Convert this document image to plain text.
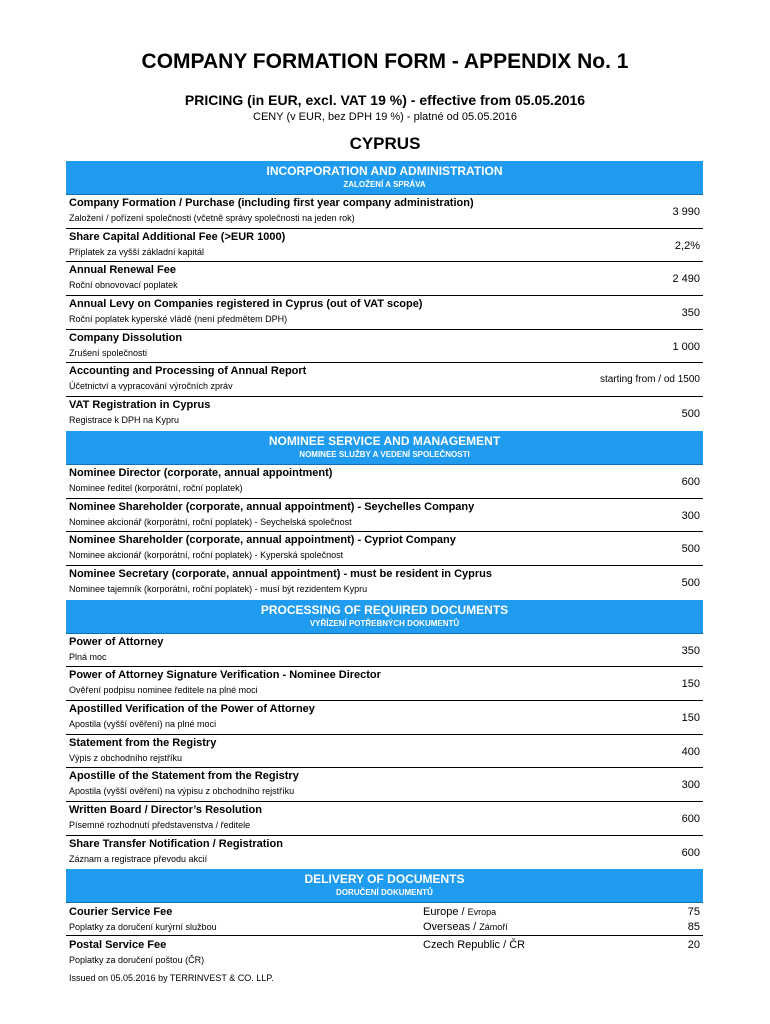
COMPANY FORMATION FORM - APPENDIX No. 1
PRICING (in EUR, excl. VAT 19 %) - effective from 05.05.2016
CENY (v EUR, bez DPH 19 %) - platné od 05.05.2016
CYPRUS
INCORPORATION AND ADMINISTRATION
ZALOŽENÍ A SPRÁVA
Company Formation / Purchase (including first year company administration)
Založení / pořízení společnosti (včetně správy společnosti na jeden rok)	3 990
Share Capital Additional Fee (>EUR 1000)
Příplatek za vyšší základní kapitál	2,2%
Annual Renewal Fee
Roční obnovovací poplatek	2 490
Annual Levy on Companies registered in Cyprus (out of VAT scope)
Roční poplatek kyperské vládě (není předmětem DPH)	350
Company Dissolution
Zrušení společnosti	1 000
Accounting and Processing of Annual Report
Účetnictví a vypracování výročních zpráv
starting from / od 1500
VAT Registration in Cyprus
Registrace k DPH na Kypru	500
NOMINEE SERVICE AND MANAGEMENT
NOMINEE SLUŽBY A VEDENÍ SPOLEČNOSTI
Nominee Director (corporate, annual appointment)
Nominee ředitel (korporátní, roční poplatek)	600
Nominee Shareholder (corporate, annual appointment) - Seychelles Company
Nominee akcionář (korporátní, roční poplatek) - Seychelská společnost	300
Nominee Shareholder (corporate, annual appointment) - Cypriot Company
Nominee akcionář (korporátní, roční poplatek) - Kyperská společnost	500
Nominee Secretary (corporate, annual appointment) - must be resident in Cyprus
Nominee tajemník (korporátní, roční poplatek) - musí být rezidentem Kypru	500
PROCESSING OF REQUIRED DOCUMENTS
VYŘÍZENÍ POTŘEBNÝCH DOKUMENTŮ
Power of Attorney
Plná moc	350
Power of Attorney Signature Verification - Nominee Director
Ověření podpisu nominee ředitele na plné moci	150
Apostilled Verification of the Power of Attorney
Apostila (vyšší ověření) na plné moci	150
Statement from the Registry
Výpis z obchodního rejstříku	400
Apostille of the Statement from the Registry
Apostila (vyšší ověření) na výpisu z obchodního rejstříku	300
Written Board / Director’s Resolution
Písemné rozhodnutí představenstva / ředitele	600
Share Transfer Notification / Registration
Záznam a registrace převodu akcií	600
DELIVERY OF DOCUMENTS
DORUČENÍ DOKUMENTŮ
Courier Service Fee
Poplatky za doručení kurýrní službou
Europe / Evropa	75
Overseas / Zámoří	85
Postal Service Fee
Poplatky za doručení poštou (ČR)
Czech Republic / ČR	20
Issued on 05.05.2016 by TERRINVEST & CO. LLP.
